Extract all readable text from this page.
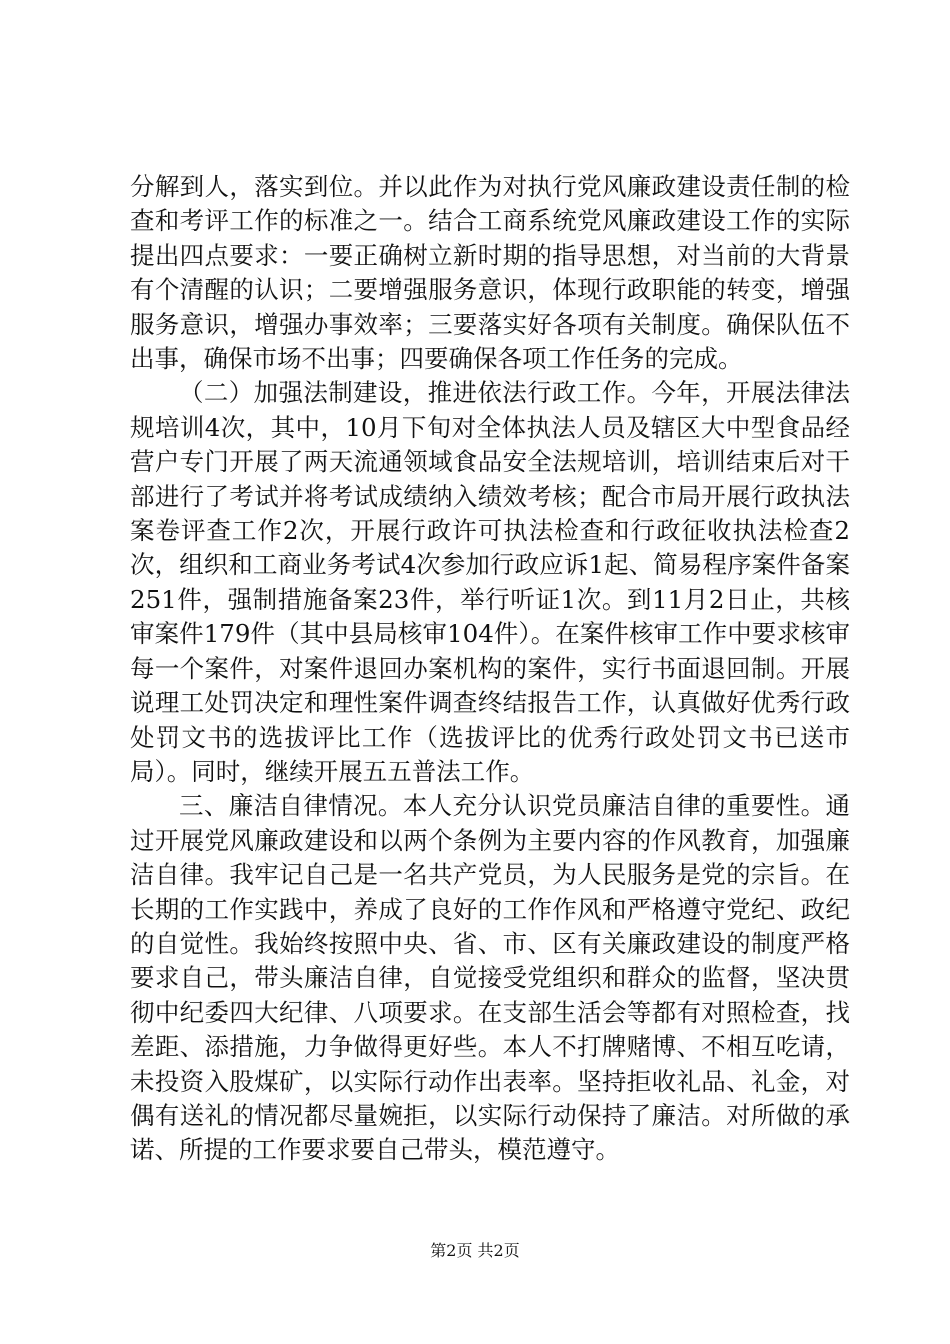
分解到人，落实到位。并以此作为对执行党风廉政建设责任制的检查和考评工作的标准之一。结合工商系统党风廉政建设工作的实际提出四点要求：一要正确树立新时期的指导思想，对当前的大背景有个清醒的认识；二要增强服务意识，体现行政职能的转变，增强服务意识，增强办事效率；三要落实好各项有关制度。确保队伍不出事，确保市场不出事；四要确保各项工作任务的完成。

（二）加强法制建设，推进依法行政工作。今年，开展法律法规培训4次，其中，10月下旬对全体执法人员及辖区大中型食品经营户专门开展了两天流通领域食品安全法规培训，培训结束后对干部进行了考试并将考试成绩纳入绩效考核；配合市局开展行政执法案卷评查工作2次，开展行政许可执法检查和行政征收执法检查2次，组织和工商业务考试4次参加行政应诉1起、简易程序案件备案251件，强制措施备案23件，举行听证1次。到11月2日止，共核审案件179件（其中县局核审104件）。在案件核审工作中要求核审每一个案件，对案件退回办案机构的案件，实行书面退回制。开展说理工处罚决定和理性案件调查终结报告工作，认真做好优秀行政处罚文书的选拔评比工作（选拔评比的优秀行政处罚文书已送市局）。同时，继续开展五五普法工作。

三、廉洁自律情况。本人充分认识党员廉洁自律的重要性。通过开展党风廉政建设和以两个条例为主要内容的作风教育，加强廉洁自律。我牢记自己是一名共产党员，为人民服务是党的宗旨。在长期的工作实践中，养成了良好的工作作风和严格遵守党纪、政纪的自觉性。我始终按照中央、省、市、区有关廉政建设的制度严格要求自己，带头廉洁自律，自觉接受党组织和群众的监督，坚决贯彻中纪委四大纪律、八项要求。在支部生活会等都有对照检查，找差距、添措施，力争做得更好些。本人不打牌赌博、不相互吃请，未投资入股煤矿，以实际行动作出表率。坚持拒收礼品、礼金，对偶有送礼的情况都尽量婉拒，以实际行动保持了廉洁。对所做的承诺、所提的工作要求要自己带头，模范遵守。

第2页 共2页
